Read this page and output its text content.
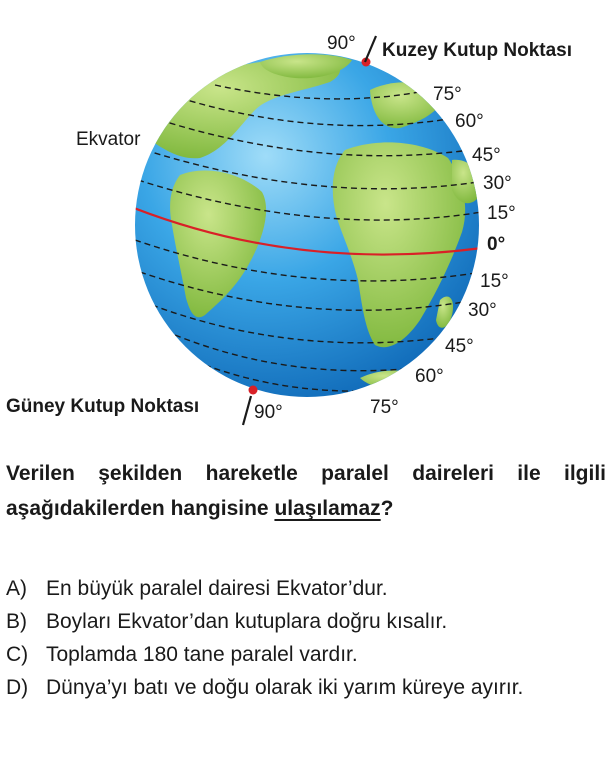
90° Kuzey Kutup Noktası
Ekvator
Güney Kutup Noktası	90°
75°
60°
45°
30°
15°
0°
15°
30°
45°
60°
75°
Verilen şekilden hareketle paralel daireleri ile ilgili aşağıdakilerden hangisine ulaşılamaz?
A) En büyük paralel dairesi Ekvator’dur.
B) Boyları Ekvator’dan kutuplara doğru kısalır.
C) Toplamda 180 tane paralel vardır.
D) Dünya’yı batı ve doğu olarak iki yarım küreye ayırır.
